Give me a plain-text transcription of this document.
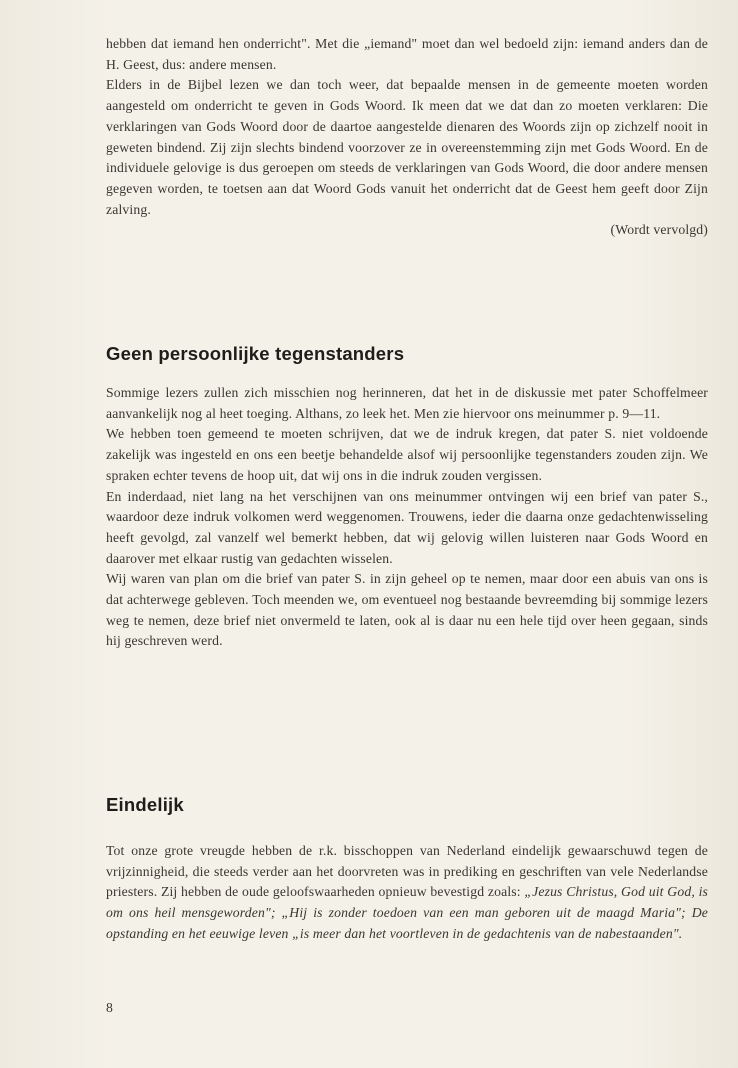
hebben dat iemand hen onderricht". Met die „iemand" moet dan wel bedoeld zijn: iemand anders dan de H. Geest, dus: andere mensen.

Elders in de Bijbel lezen we dan toch weer, dat bepaalde mensen in de gemeente moeten worden aangesteld om onderricht te geven in Gods Woord. Ik meen dat we dat dan zo moeten verklaren: Die verklaringen van Gods Woord door de daartoe aangestelde dienaren des Woords zijn op zichzelf nooit in geweten bindend. Zij zijn slechts bindend voorzover ze in overeenstemming zijn met Gods Woord. En de individuele gelovige is dus geroepen om steeds de verklaringen van Gods Woord, die door andere mensen gegeven worden, te toetsen aan dat Woord Gods vanuit het onderricht dat de Geest hem geeft door Zijn zalving.

(Wordt vervolgd)

Geen persoonlijke tegenstanders

Sommige lezers zullen zich misschien nog herinneren, dat het in de diskussie met pater Schoffelmeer aanvankelijk nog al heet toeging. Althans, zo leek het. Men zie hiervoor ons meinummer p. 9—11.

We hebben toen gemeend te moeten schrijven, dat we de indruk kregen, dat pater S. niet voldoende zakelijk was ingesteld en ons een beetje behandelde alsof wij persoonlijke tegenstanders zouden zijn. We spraken echter tevens de hoop uit, dat wij ons in die indruk zouden vergissen.

En inderdaad, niet lang na het verschijnen van ons meinummer ontvingen wij een brief van pater S., waardoor deze indruk volkomen werd weggenomen. Trouwens, ieder die daarna onze gedachtenwisseling heeft gevolgd, zal vanzelf wel bemerkt hebben, dat wij gelovig willen luisteren naar Gods Woord en daarover met elkaar rustig van gedachten wisselen.

Wij waren van plan om die brief van pater S. in zijn geheel op te nemen, maar door een abuis van ons is dat achterwege gebleven. Toch meenden we, om eventueel nog bestaande bevreemding bij sommige lezers weg te nemen, deze brief niet onvermeld te laten, ook al is daar nu een hele tijd over heen gegaan, sinds hij geschreven werd.

Eindelijk

Tot onze grote vreugde hebben de r.k. bisschoppen van Nederland eindelijk gewaarschuwd tegen de vrijzinnigheid, die steeds verder aan het doorvreten was in prediking en geschriften van vele Nederlandse priesters. Zij hebben de oude geloofswaarheden opnieuw bevestigd zoals: „Jezus Christus, God uit God, is om ons heil mensgeworden"; „Hij is zonder toedoen van een man geboren uit de maagd Maria"; De opstanding en het eeuwige leven „is meer dan het voortleven in de gedachtenis van de nabestaanden".

8
